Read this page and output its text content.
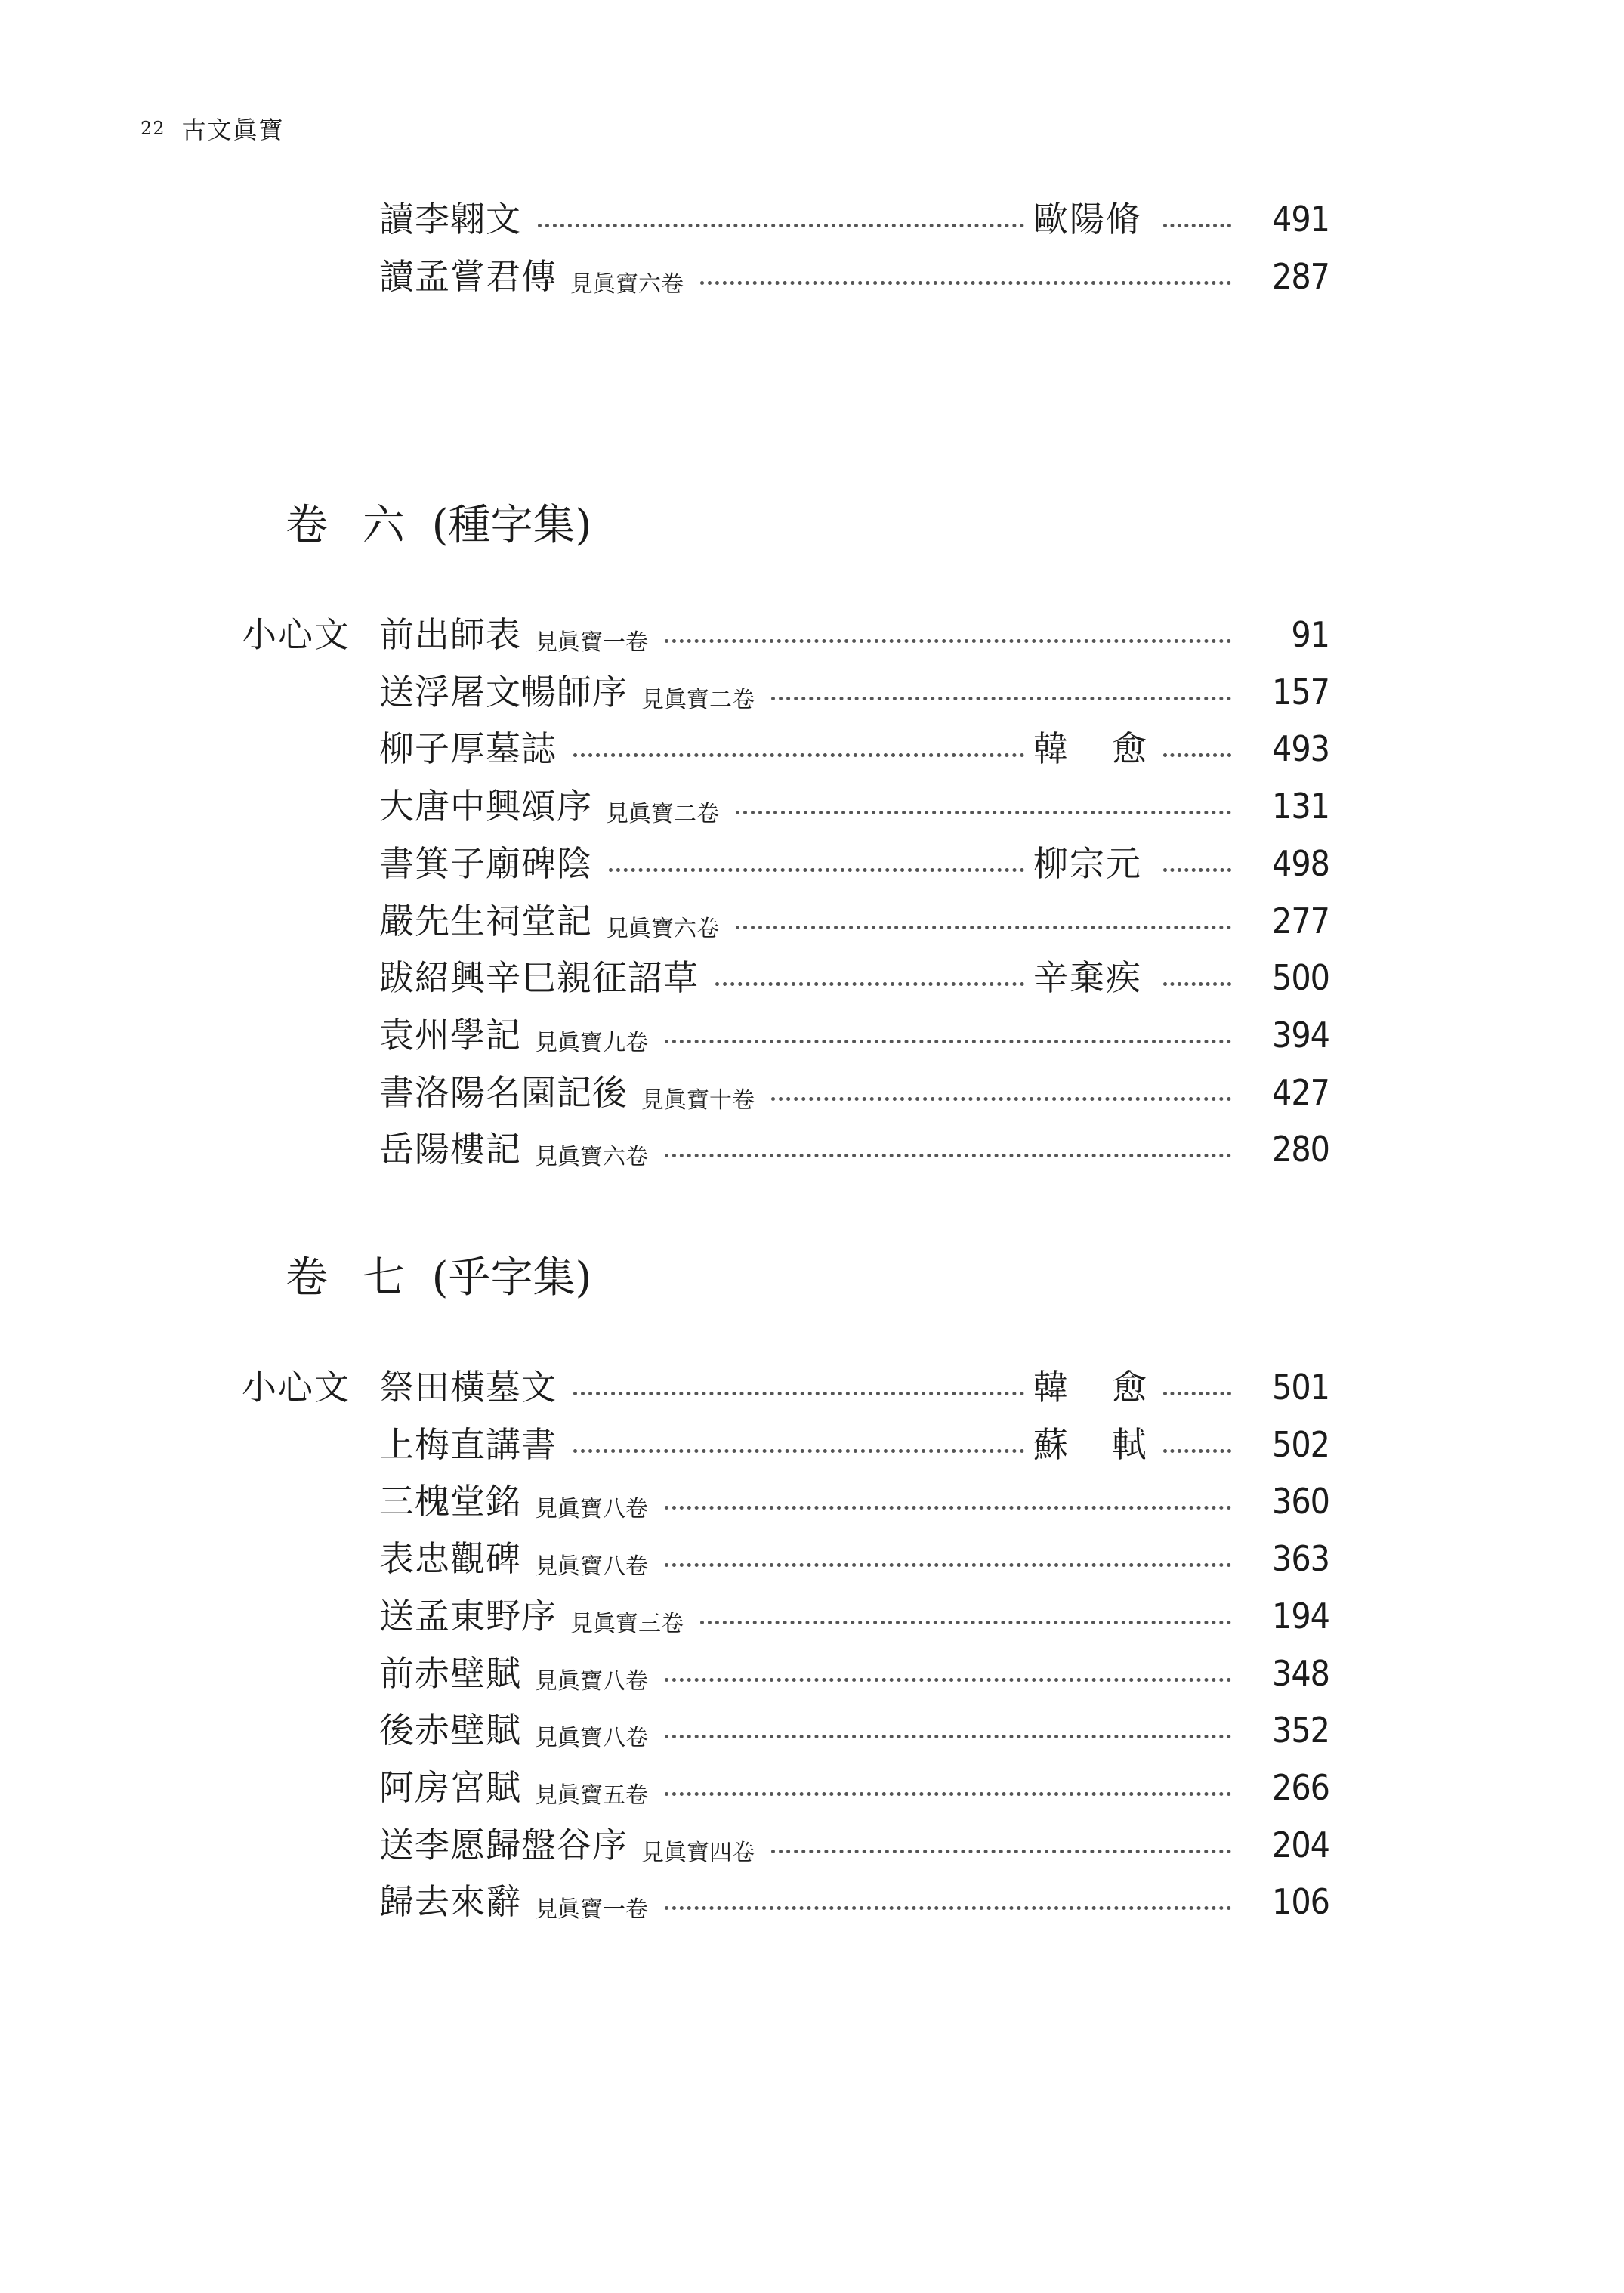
22 古文眞寶
讀李翺文	歐陽脩	491
讀孟嘗君傳 見眞寶六卷	287
卷 六 (種字集)
小心文 前出師表 見眞寶一卷	91
送浮屠文暢師序 見眞寶二卷	157
柳子厚墓誌	韓 愈	493
大唐中興頌序 見眞寶二卷	131
書箕子廟碑陰	柳宗元	498
嚴先生祠堂記 見眞寶六卷	277
跋紹興辛巳親征詔草	辛棄疾	500
袁州學記 見眞寶九卷	394
書洛陽名園記後 見眞寶十卷	427
岳陽樓記 見眞寶六卷	280
卷 七 (乎字集)
小心文 祭田橫墓文	韓 愈	501
上梅直講書	蘇 軾	502
三槐堂銘 見眞寶八卷	360
表忠觀碑 見眞寶八卷	363
送孟東野序 見眞寶三卷	194
前赤壁賦 見眞寶八卷	348
後赤壁賦 見眞寶八卷	352
阿房宮賦 見眞寶五卷	266
送李愿歸盤谷序 見眞寶四卷	204
歸去來辭 見眞寶一卷	106
